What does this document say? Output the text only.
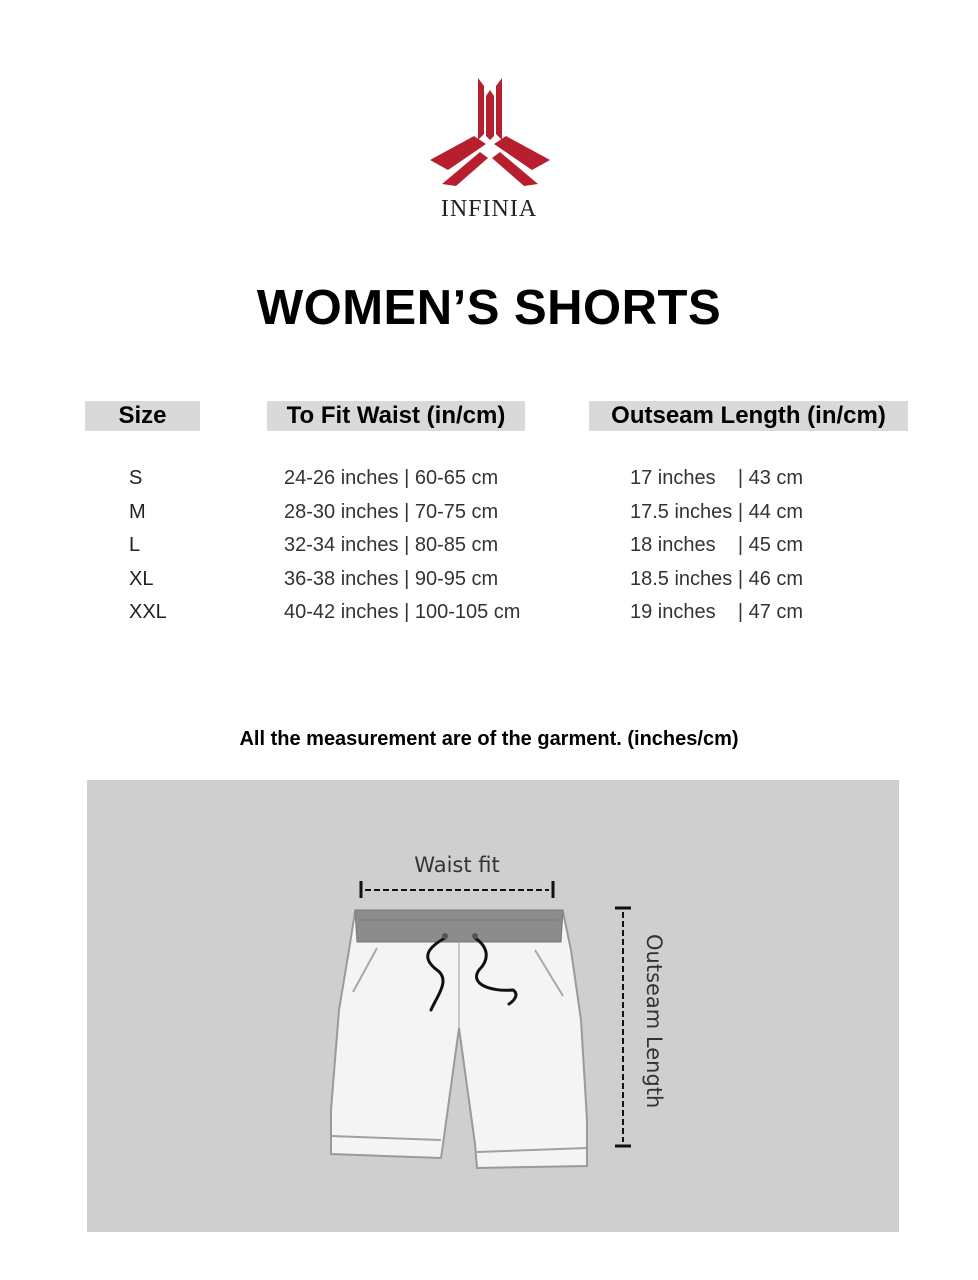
INFINIA
WOMEN’S SHORTS
Size	To Fit Waist (in/cm)	Outseam Length (in/cm)
S
M
L
XL
XXL
24-26 inches | 60-65 cm
28-30 inches | 70-75 cm
32-34 inches | 80-85 cm
36-38 inches | 90-95 cm
40-42 inches | 100-105 cm
17 inches    | 43 cm
17.5 inches | 44 cm
18 inches    | 45 cm
18.5 inches | 46 cm
19 inches    | 47 cm
All the measurement are of the garment. (inches/cm)
Waist fit
Outseam Length
